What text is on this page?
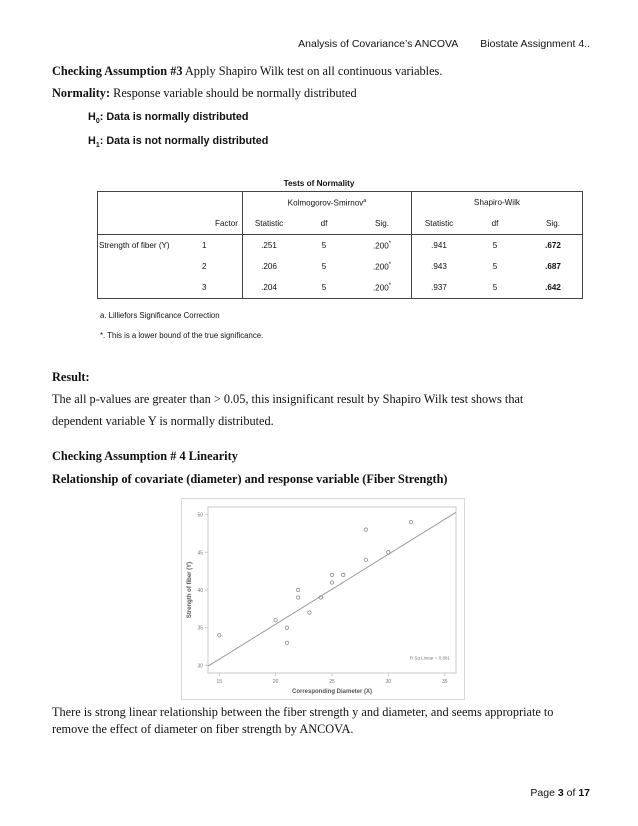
Analysis of Covariance’s ANCOVA Biostate Assignment 4..
Checking Assumption #3 Apply Shapiro Wilk test on all continuous variables.
Normality: Response variable should be normally distributed
$H_0$: Data is normally distributed
$H_1$: Data is not normally distributed
Tests of Normality
		Kolmogorov-Smirnov$^a$			Shapiro-Wilk		
	Factor	Statistic	df	Sig.	Statistic	df	Sig.
Strength of fiber (Y)	1	.251	5	.200*	.941	5	.672
	2	.206	5	.200*	.943	5	.687
	3	.204	5	.200*	.937	5	.642
a. Lilliefors Significance Correction
*. This is a lower bound of the true significance.
Result:
The all p-values are greater than > 0.05, this insignificant result by Shapiro Wilk test shows that
dependent variable Y is normally distributed.
Checking Assumption # 4 Linearity
Relationship of covariate (diameter) and response variable (Fiber Strength)
15	20	25	30	35
30
35
40
45
50
Corresponding Diameter (X)
Strength of fiber (Y)
R Sq Linear = 0.881
There is strong linear relationship between the fiber strength y and diameter, and seems appropriate to
remove the effect of diameter on fiber strength by ANCOVA.
Page 3 of 17
